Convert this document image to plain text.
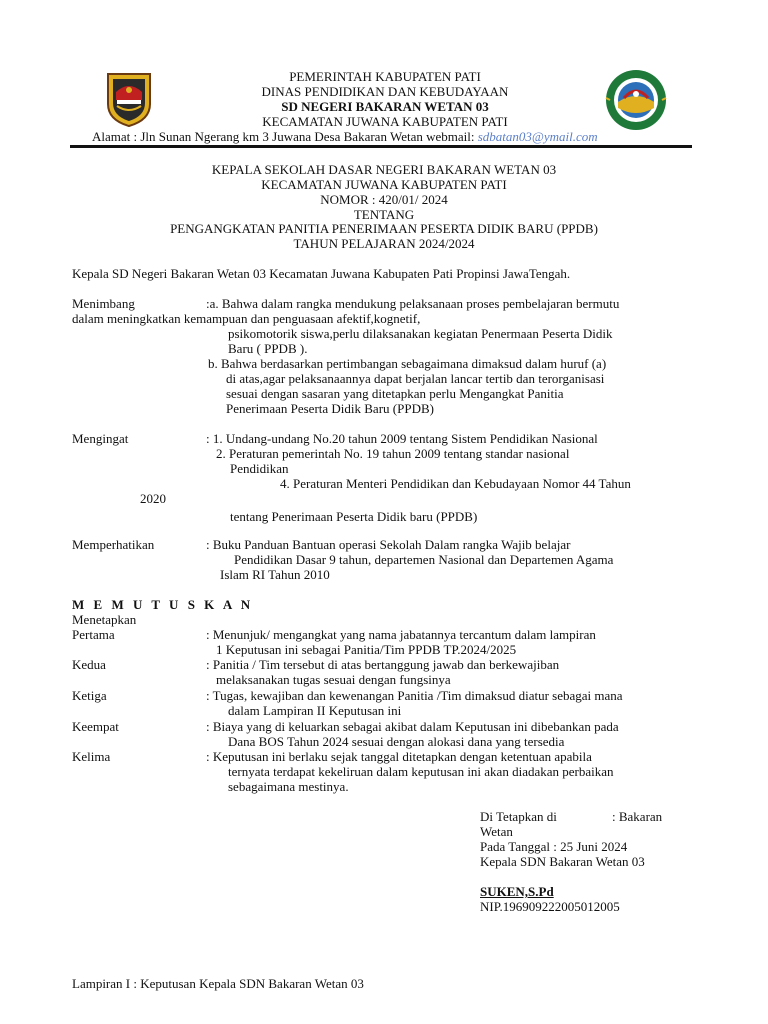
PEMERINTAH KABUPATEN PATI
DINAS PENDIDIKAN DAN KEBUDAYAAN
SD NEGERI BAKARAN WETAN 03
KECAMATAN JUWANA KABUPATEN PATI
Alamat : Jln Sunan Ngerang km 3 Juwana Desa Bakaran Wetan webmail: sdbatan03@ymail.com
KEPALA SEKOLAH DASAR NEGERI BAKARAN WETAN 03
KECAMATAN JUWANA KABUPATEN PATI
NOMOR : 420/01/ 2024
TENTANG
PENGANGKATAN PANITIA PENERIMAAN PESERTA DIDIK BARU (PPDB)
TAHUN PELAJARAN 2024/2024
Kepala SD Negeri Bakaran Wetan 03 Kecamatan Juwana Kabupaten Pati Propinsi JawaTengah.
Menimbang	:a. Bahwa dalam rangka mendukung pelaksanaan proses pembelajaran bermutu
dalam meningkatkan kemampuan dan penguasaan afektif,kognetif,
psikomotorik siswa,perlu dilaksanakan kegiatan Penermaan Peserta Didik
Baru ( PPDB ).
b. Bahwa berdasarkan pertimbangan sebagaimana dimaksud dalam huruf (a)
di atas,agar pelaksanaannya dapat berjalan lancar tertib dan terorganisasi
sesuai dengan sasaran yang ditetapkan perlu Mengangkat Panitia
Penerimaan Peserta Didik Baru (PPDB)
Mengingat	: 1. Undang-undang No.20 tahun 2009 tentang Sistem Pendidikan Nasional
2. Peraturan pemerintah No. 19 tahun 2009 tentang standar nasional
Pendidikan
4. Peraturan Menteri Pendidikan dan Kebudayaan Nomor 44 Tahun
2020
tentang Penerimaan Peserta Didik baru (PPDB)
Memperhatikan	: Buku Panduan Bantuan operasi Sekolah Dalam rangka Wajib belajar
Pendidikan Dasar 9 tahun, departemen Nasional dan Departemen Agama
Islam RI Tahun 2010
M E M U T U S K A N
Menetapkan
Pertama	: Menunjuk/ mengangkat yang nama jabatannya tercantum dalam lampiran
1 Keputusan ini sebagai Panitia/Tim PPDB TP.2024/2025
Kedua	: Panitia / Tim tersebut di atas bertanggung jawab dan berkewajiban
melaksanakan tugas sesuai dengan fungsinya
Ketiga	: Tugas, kewajiban dan kewenangan Panitia /Tim dimaksud diatur sebagai mana
dalam Lampiran II Keputusan ini
Keempat	: Biaya yang di keluarkan sebagai akibat dalam Keputusan ini dibebankan pada
Dana BOS Tahun 2024 sesuai dengan alokasi dana yang tersedia
Kelima	: Keputusan ini berlaku sejak tanggal ditetapkan dengan ketentuan apabila
ternyata terdapat kekeliruan dalam keputusan ini akan diadakan perbaikan
sebagaimana mestinya.
Di Tetapkan di	: Bakaran
Wetan
Pada Tanggal : 25 Juni 2024
Kepala SDN Bakaran Wetan 03
SUKEN,S.Pd
NIP.196909222005012005
Lampiran I : Keputusan Kepala SDN Bakaran Wetan 03
